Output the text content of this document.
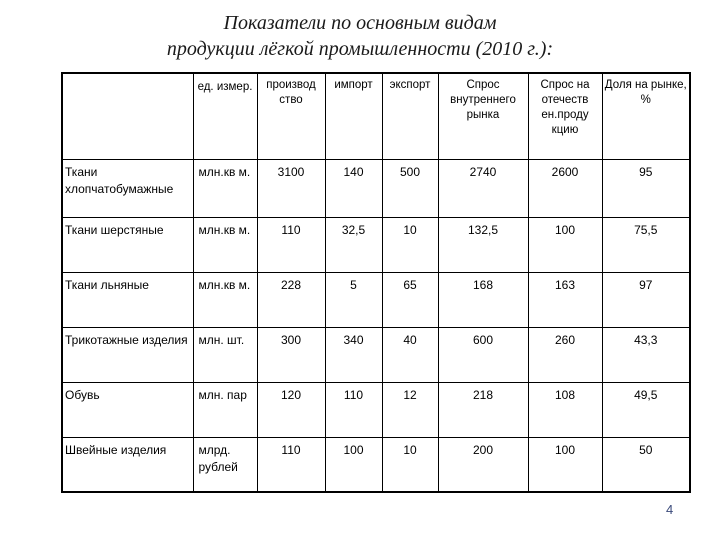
Показатели по основным видам
продукции лёгкой промышленности (2010 г.):
	ед. измер.	производ ство	импорт	экспорт	Спрос внутреннего рынка	Спрос на отечеств ен.проду кцию	Доля на рынке, %
Ткани хлопчатобумажные	млн.кв м.	3100	140	500	2740	2600	95
Ткани шерстяные	млн.кв м.	110	32,5	10	132,5	100	75,5
Ткани льняные	млн.кв м.	228	5	65	168	163	97
Трикотажные изделия	млн. шт.	300	340	40	600	260	43,3
Обувь	млн. пар	120	110	12	218	108	49,5
Швейные изделия	млрд. рублей	110	100	10	200	100	50
4
